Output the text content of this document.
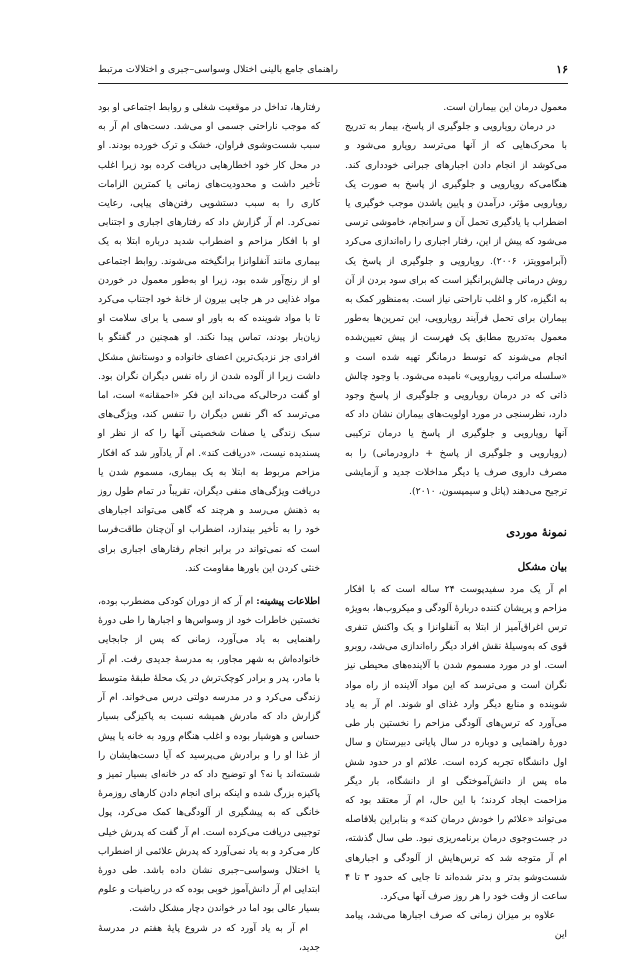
۱۶
راهنمای جامع بالینی اختلال وسواسی–جبری و اختلالات مرتبط

معمول درمان این بیماران است.

در درمان رویارویی و جلوگیری از پاسخ، بیمار به تدریج با محرک‌هایی که از آنها می‌ترسد رویارو می‌شود و می‌کوشد از انجام دادن اجبارهای جبرانی خودداری کند. هنگامی‌که رویارویی و جلوگیری از پاسخ به صورت یک رویارویی مؤثر، درآمدن و پایین‌ یاشدن موجب خوگیری یا اضطراب یا یادگیری تحمل آن و سرانجام، خاموشی ترسی می‌شود که پیش از این، رفتار اجباری را راه‌اندازی می‌کرد (آبراموویتز، ۲۰۰۶). رویارویی و جلوگیری از پاسخ یک روش درمانی چالش‌برانگیز است که برای سود بردن از آن به انگیزه، کار و اغلب ناراحتی نیاز است. به‌منظور کمک به بیماران برای تحمل فرآیند رویارویی، این تمرین‌ها به‌طور معمول به‌تدریج مطابق یک فهرست از پیش تعیین‌شده انجام می‌شوند که توسط درمانگر تهیه شده است و «سلسله مراتب رویارویی» نامیده می‌شود. با وجود چالش ذاتی که در درمان رویارویی و جلوگیری از پاسخ وجود دارد، نظرسنجی در مورد اولویت‌های بیماران نشان داد که آنها رویارویی و جلوگیری از پاسخ یا درمان ترکیبی (رویارویی و جلوگیری از پاسخ + دارودرمانی) را به مصرف داروی صرف یا دیگر مداخلات جدید و آزمایشی ترجیح می‌دهند (پاتل و سیمپسون، ۲۰۱۰).

نمونهٔ موردی
بیان مشکل

ام آر یک مرد سفیدپوست ۲۴ ساله است که با افکار مزاحم و پریشان کننده دربارهٔ آلودگی و میکروب‌ها، به‌ویژه ترس اغراق‌آمیز از ابتلا به آنفلوانزا و یک واکنش تنفری قوی که به‌وسیلهٔ نقش افراد دیگر راه‌اندازی می‌شد، روبرو است. او در مورد مسموم شدن با آلاینده‌های محیطی نیز نگران است و می‌ترسد که این مواد آلاینده از راه مواد شوینده و منابع دیگر وارد غذای او شوند. ام آر به یاد می‌آورد که ترس‌های آلودگی مزاحم را نخستین بار طی دورهٔ راهنمایی و دوباره در سال پایانی دبیرستان و سال اول دانشگاه تجربه کرده است. علائم او در حدود شش ماه پس از دانش‌آموختگی او از دانشگاه، بار دیگر مزاحمت ایجاد کردند؛ با این حال، ام آر معتقد بود که می‌تواند «علائم را خودش درمان کند» و بنابراین بلافاصله در جست‌وجوی درمان برنامه‌ریزی نبود. طی سال گذشته، ام آر متوجه شد که ترس‌هایش از آلودگی و اجبارهای شست‌وشو بدتر و بدتر شده‌اند تا جایی که حدود ۳ تا ۴ ساعت از وقت خود را هر روز صرف آنها می‌کرد.

علاوه بر میزان زمانی که صرف اجبارها می‌شد، پیامد این

رفتارها، تداخل در موقعیت شغلی و روابط اجتماعی او بود که موجب ناراحتی جسمی او می‌شد. دست‌های ام آر به سبب شست‌وشوی فراوان، خشک و ترک خورده بودند. او در محل کار خود اخطارهایی دریافت کرده بود زیرا اغلب تأخیر داشت و محدودیت‌های زمانی یا کمترین الزامات کاری را به سبب دستشویی رفتن‌های پیاپی، رعایت نمی‌کرد. ام آر گزارش داد که رفتارهای اجباری و اجتنابی او با افکار مزاحم و اضطراب شدید درباره ابتلا به یک بیماری مانند آنفلوانزا برانگیخته می‌شوند. روابط اجتماعی او از رنج‌آور شده بود، زیرا او به‌طور معمول در خوردن مواد غذایی در هر جایی بیرون از خانهٔ خود اجتناب می‌کرد تا با مواد شوینده که به باور او سمی یا برای سلامت او زیان‌بار بودند، تماس پیدا نکند. او همچنین در گفتگو با افرادی جز نزدیک‌ترین اعضای خانواده و دوستانش مشکل داشت زیرا از آلوده شدن از راه نفس دیگران نگران بود. او گفت درحالی‌که می‌داند این فکر «احمقانه» است، اما می‌ترسد که اگر نفس دیگران را تنفس کند، ویژگی‌های سبک زندگی یا صفات شخصیتی آنها را که از نظر او پسندیده نیست، «دریافت کند». ام آر یادآور شد که افکار مزاحم مربوط به ابتلا به یک بیماری، مسموم شدن یا دریافت ویژگی‌های منفی دیگران، تقریباً در تمام طول روز به ذهنش می‌رسد و هرچند که گاهی می‌تواند اجبارهای خود را به تأخیر بیندازد، اضطراب او آن‌چنان طاقت‌فرسا است که نمی‌تواند در برابر انجام رفتارهای اجباری برای خنثی کردن این باورها مقاومت کند.

اطلاعات پیشینه: ام آر که از دوران کودکی مضطرب بوده، نخستین خاطرات خود از وسواس‌ها و اجبارها را طی دورهٔ راهنمایی به یاد می‌آورد، زمانی که پس از جابجایی خانواده‌اش به شهر مجاور، به مدرسهٔ جدیدی رفت. ام آر با مادر، پدر و برادر کوچک‌ترش در یک محلهٔ طبقهٔ متوسط زندگی می‌کرد و در مدرسه دولتی درس می‌خواند. ام آر گزارش داد که مادرش همیشه نسبت به پاکیزگی بسیار حساس و هوشیار بوده و اغلب هنگام ورود به خانه یا پیش از غذا او را و برادرش می‌پرسید که آیا دست‌هایشان را شسته‌اند یا نه؟ او توضیح داد که در خانه‌ای بسیار تمیز و پاکیزه بزرگ شده و اینکه برای انجام دادن کارهای روزمرهٔ خانگی که به پیشگیری از آلودگی‌ها کمک می‌کرد، پول توجیبی دریافت می‌کرده است. ام آر گفت که پدرش خیلی کار می‌کرد و به یاد نمی‌آورد که پدرش علائمی از اضطراب یا اختلال وسواسی–جبری نشان داده باشد. طی دورهٔ ابتدایی ام آر دانش‌آموز خوبی بوده که در ریاضیات و علوم بسیار عالی بود اما در خواندن دچار مشکل داشت.

ام آر به یاد آورد که در شروع پایهٔ هفتم در مدرسهٔ جدید،
